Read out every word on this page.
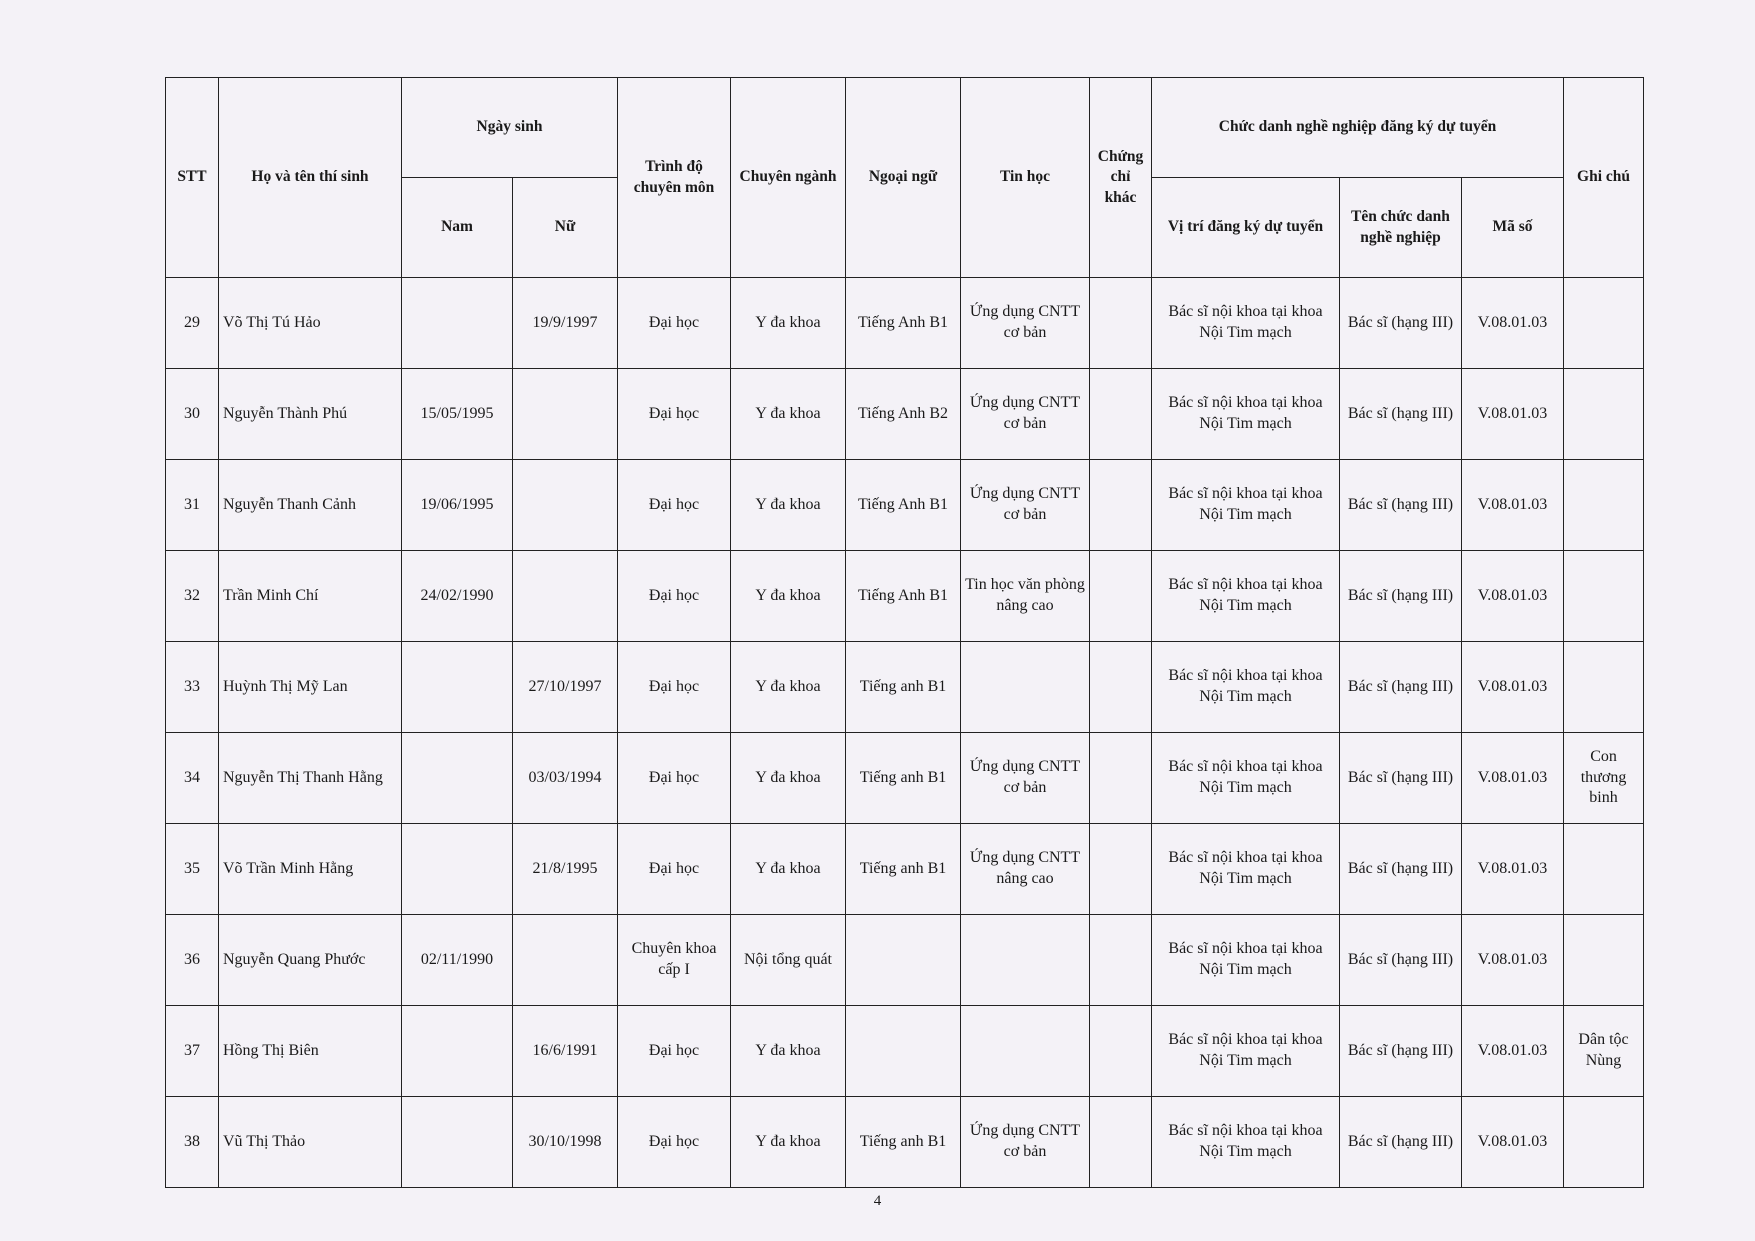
STT	Họ và tên thí sinh	Ngày sinh		Trình độ chuyên môn	Chuyên ngành	Ngoại ngữ	Tin học	Chứng chỉ khác	Chức danh nghề nghiệp đăng ký dự tuyển			Ghi chú
		Nam	Nữ						Vị trí đăng ký dự tuyển	Tên chức danh nghề nghiệp	Mã số	
29	Võ Thị Tú Hảo		19/9/1997	Đại học	Y đa khoa	Tiếng Anh B1	Ứng dụng CNTT cơ bản		Bác sĩ nội khoa tại khoa Nội Tim mạch	Bác sĩ (hạng III)	V.08.01.03	
30	Nguyễn Thành Phú	15/05/1995		Đại học	Y đa khoa	Tiếng Anh B2	Ứng dụng CNTT cơ bản		Bác sĩ nội khoa tại khoa Nội Tim mạch	Bác sĩ (hạng III)	V.08.01.03	
31	Nguyễn Thanh Cảnh	19/06/1995		Đại học	Y đa khoa	Tiếng Anh B1	Ứng dụng CNTT cơ bản		Bác sĩ nội khoa tại khoa Nội Tim mạch	Bác sĩ (hạng III)	V.08.01.03	
32	Trần Minh Chí	24/02/1990		Đại học	Y đa khoa	Tiếng Anh B1	Tin học văn phòng nâng cao		Bác sĩ nội khoa tại khoa Nội Tim mạch	Bác sĩ (hạng III)	V.08.01.03	
33	Huỳnh Thị Mỹ Lan		27/10/1997	Đại học	Y đa khoa	Tiếng anh B1			Bác sĩ nội khoa tại khoa Nội Tim mạch	Bác sĩ (hạng III)	V.08.01.03	
34	Nguyễn Thị Thanh Hằng		03/03/1994	Đại học	Y đa khoa	Tiếng anh B1	Ứng dụng CNTT cơ bản		Bác sĩ nội khoa tại khoa Nội Tim mạch	Bác sĩ (hạng III)	V.08.01.03	Con thương binh
35	Võ Trần Minh Hằng		21/8/1995	Đại học	Y đa khoa	Tiếng anh B1	Ứng dụng CNTT nâng cao		Bác sĩ nội khoa tại khoa Nội Tim mạch	Bác sĩ (hạng III)	V.08.01.03	
36	Nguyễn Quang Phước	02/11/1990		Chuyên khoa cấp I	Nội tổng quát				Bác sĩ nội khoa tại khoa Nội Tim mạch	Bác sĩ (hạng III)	V.08.01.03	
37	Hồng Thị Biên		16/6/1991	Đại học	Y đa khoa				Bác sĩ nội khoa tại khoa Nội Tim mạch	Bác sĩ (hạng III)	V.08.01.03	Dân tộc Nùng
38	Vũ Thị Thảo		30/10/1998	Đại học	Y đa khoa	Tiếng anh B1	Ứng dụng CNTT cơ bản		Bác sĩ nội khoa tại khoa Nội Tim mạch	Bác sĩ (hạng III)	V.08.01.03	
4
